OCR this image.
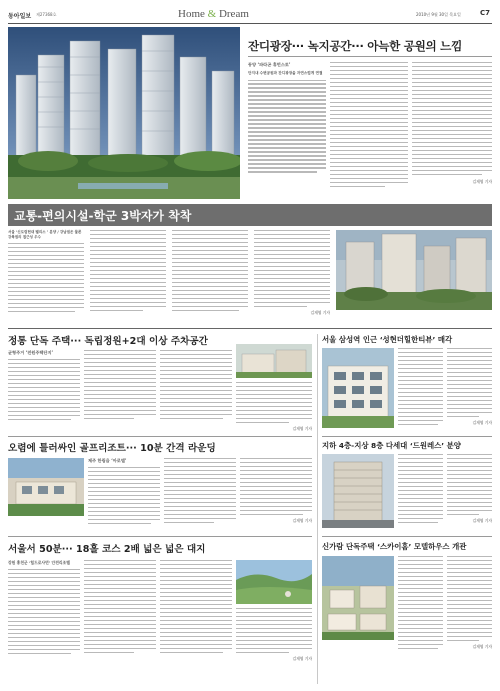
동아일보 제27368호	Home & Dream	2010년 9월 30일 목요일	C7
잔디광장··· 녹지공간··· 아늑한 공원의 느낌
동양 ‘파라곤 휴먼스토’
단지내 수변공원과 잔디광장을 자연스럽게 연결
김재영 기자
교통-편의시설-학군 3박자가 착착
서울 ‘신도림현대 팰리스 ’ 분양 / 강남권은 물론 강북권의 접근성 우수
김재영 기자
정통 단독 주택··· 독립정원+2대 이상 주차공간
균형주거 ‘전원주택단지’
김재영 기자
오렴에 틀러싸인 골프리조트··· 10분 간격 라운딩
제주 한림읍 ‘아로델’
김재영 기자
서울서 50분··· 18홀 코스 2배 넓은 넓은 대지
강원 홍천군 ‘힐드로사먼’ 안전리조텔
김재영 기자
서울 삼성역 인근 ‘성현더힐한티뷰’ 매각
김재영 기자
지하 4층-지상 8층 다세대 ‘드원레스’ 분양
김재영 기자
신가람 단독주택 ‘스카이홈’ 모델하우스 개관
김재영 기자
